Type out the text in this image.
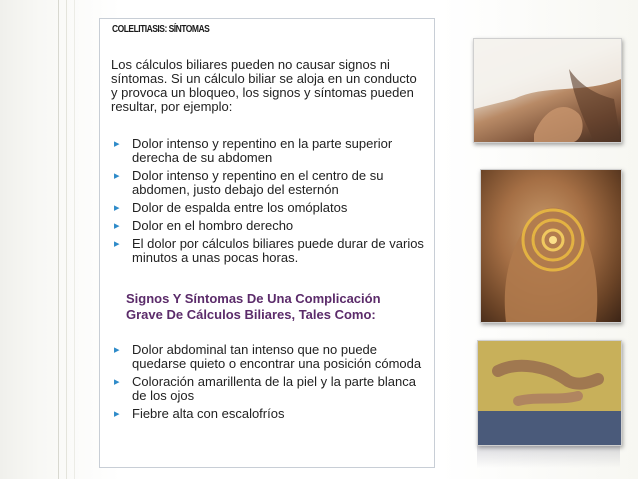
COLELITIASIS: SÍNTOMAS
Los cálculos biliares pueden no causar signos ni síntomas. Si un cálculo biliar se aloja en un conducto y provoca un bloqueo, los signos y síntomas pueden resultar, por ejemplo:
▸ Dolor intenso y repentino en la parte superior derecha de su abdomen
▸ Dolor intenso y repentino en el centro de su abdomen, justo debajo del esternón
▸ Dolor de espalda entre los omóplatos
▸ Dolor en el hombro derecho
▸ El dolor por cálculos biliares puede durar de varios minutos a unas pocas horas.
Signos Y Síntomas De Una Complicación
Grave De Cálculos Biliares, Tales Como:
▸ Dolor abdominal tan intenso que no puede quedarse quieto o encontrar una posición cómoda
▸ Coloración amarillenta de la piel y la parte blanca de los ojos
▸ Fiebre alta con escalofríos
